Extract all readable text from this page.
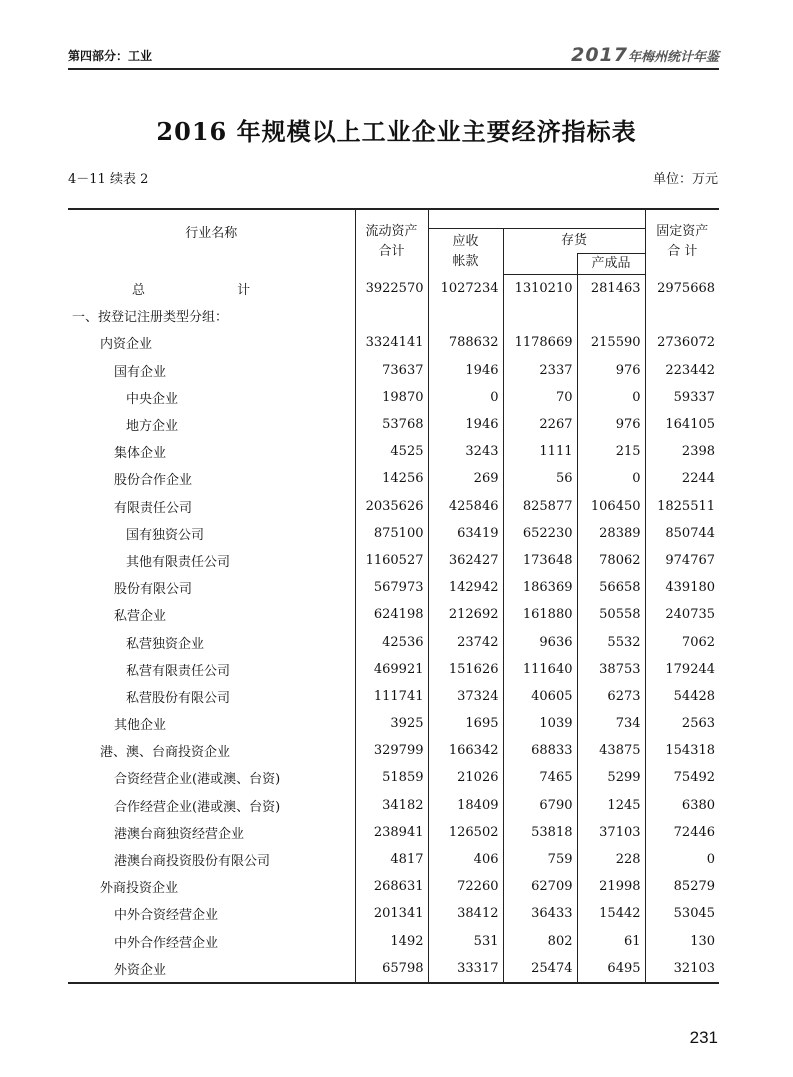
第四部分：工业	2017年梅州统计年鉴
2016 年规模以上工业企业主要经济指标表
4－11 续表 2	单位：万元
行业名称	流动资产合计				固定资产合 计
		应收帐款	存货		
				产成品	
总 计	3922570	1027234	1310210	281463	2975668
一、按登记注册类型分组：					
内资企业	3324141	788632	1178669	215590	2736072
国有企业	73637	1946	2337	976	223442
中央企业	19870	0	70	0	59337
地方企业	53768	1946	2267	976	164105
集体企业	4525	3243	1111	215	2398
股份合作企业	14256	269	56	0	2244
有限责任公司	2035626	425846	825877	106450	1825511
国有独资公司	875100	63419	652230	28389	850744
其他有限责任公司	1160527	362427	173648	78062	974767
股份有限公司	567973	142942	186369	56658	439180
私营企业	624198	212692	161880	50558	240735
私营独资企业	42536	23742	9636	5532	7062
私营有限责任公司	469921	151626	111640	38753	179244
私营股份有限公司	111741	37324	40605	6273	54428
其他企业	3925	1695	1039	734	2563
港、澳、台商投资企业	329799	166342	68833	43875	154318
合资经营企业(港或澳、台资)	51859	21026	7465	5299	75492
合作经营企业(港或澳、台资)	34182	18409	6790	1245	6380
港澳台商独资经营企业	238941	126502	53818	37103	72446
港澳台商投资股份有限公司	4817	406	759	228	0
外商投资企业	268631	72260	62709	21998	85279
中外合资经营企业	201341	38412	36433	15442	53045
中外合作经营企业	1492	531	802	61	130
外资企业	65798	33317	25474	6495	32103
231
